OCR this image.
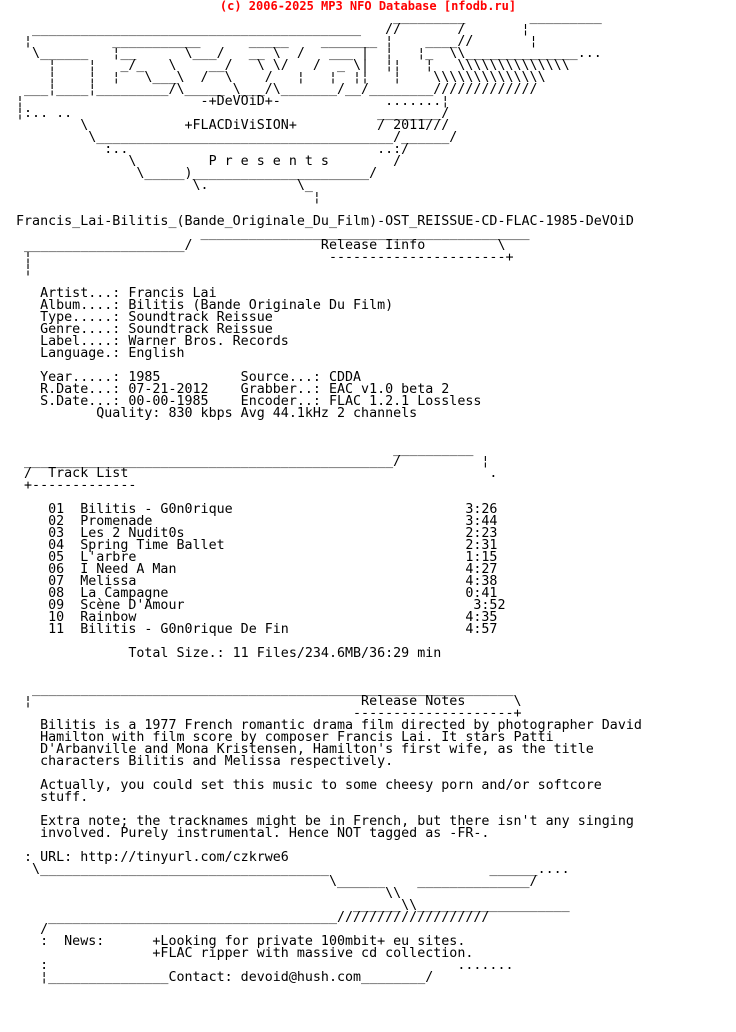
(c) 2006-2025 MP3 NFO Database [nfodb.ru]
_________        _________
_________________________________________   //       /       ¦
¦          ___________      _____    _______ ¦    ____//       ¦
\______   ¦__      \___/   __ \  /   ___ |  ¦   ¦_  \\______________...
¦    ¦   _/_   \    __/   \ \/   /  _ \|  ¦¦   ¦   \\\\\\\\\\\\\\
¦    ¦  ¦   \___\  /  \    /   ¦   ¦  ¦¦   ¦    \\\\\\\\\\\\\\
___¦____¦_________/\_____ \___/\_______/__/________/////////////
¦                      -+DeVOiD+-             .......¦
¦:.. ..                                      ________/
\            +FLACDiViSION+          / 2011///
\_____________________________________/______/
:..                               ..:/
\         P r e s e n t s        /
\_____)______________________/
\.           \_
¦
Francis_Lai-Bilitis_(Bande_Originale_Du_Film)-OST_REISSUE-CD-FLAC-1985-DeVOiD
_________________________________________
____________________/                Release Iinfo         \
¦                                     ----------------------+
¦
Artist...: Francis Lai
Album....: Bilitis (Bande Originale Du Film)
Type.....: Soundtrack Reissue
Genre....: Soundtrack Reissue
Label....: Warner Bros. Records
Language.: English
Year.....: 1985          Source...: CDDA
R.Date...: 07-21-2012    Grabber..: EAC v1.0 beta 2
S.Date...: 00-00-1985    Encoder..: FLAC 1.2.1 Lossless
Quality: 830 kbps Avg 44.1kHz 2 channels
__________
______________________________________________/          ¦
/  Track List                                             .
+-------------
01  Bilitis - G0n0rique                             3:26
02  Promenade                                       3:44
03  Les 2 Nudit0s                                   2:23
04  Spring Time Ballet                              2:31
05  L'arbre                                         1:15
06  I Need A Man                                    4:27
07  Melissa                                         4:38
08  La Campagne                                     0:41
09  Scène D'Amour                                    3:52
10  Rainbow                                         4:35
11  Bilitis - G0n0rique De Fin                      4:57
Total Size.: 11 Files/234.6MB/36:29 min
____________________________________________________________
¦                                         Release Notes      \
--------------------+
Bilitis is a 1977 French romantic drama film directed by photographer David
Hamilton with film score by composer Francis Lai. It stars Patti
D'Arbanville and Mona Kristensen, Hamilton's first wife, as the title
characters Bilitis and Melissa respectively.
Actually, you could set this music to some cheesy porn and/or softcore
stuff.
Extra note; the tracknames might be in French, but there isn't any singing
involved. Purely instrumental. Hence NOT tagged as -FR-.
: URL: http://tinyurl.com/czkrwe6
\____________________________________                    ______....
\______    ______________/
\\
______\\___________________
____________________________________///////////////////
/
:  News:      +Looking for private 100mbit+ eu sites.
+FLAC ripper with massive cd collection.
:                                                   .......
¦_______________Contact: devoid@hush.com________/
